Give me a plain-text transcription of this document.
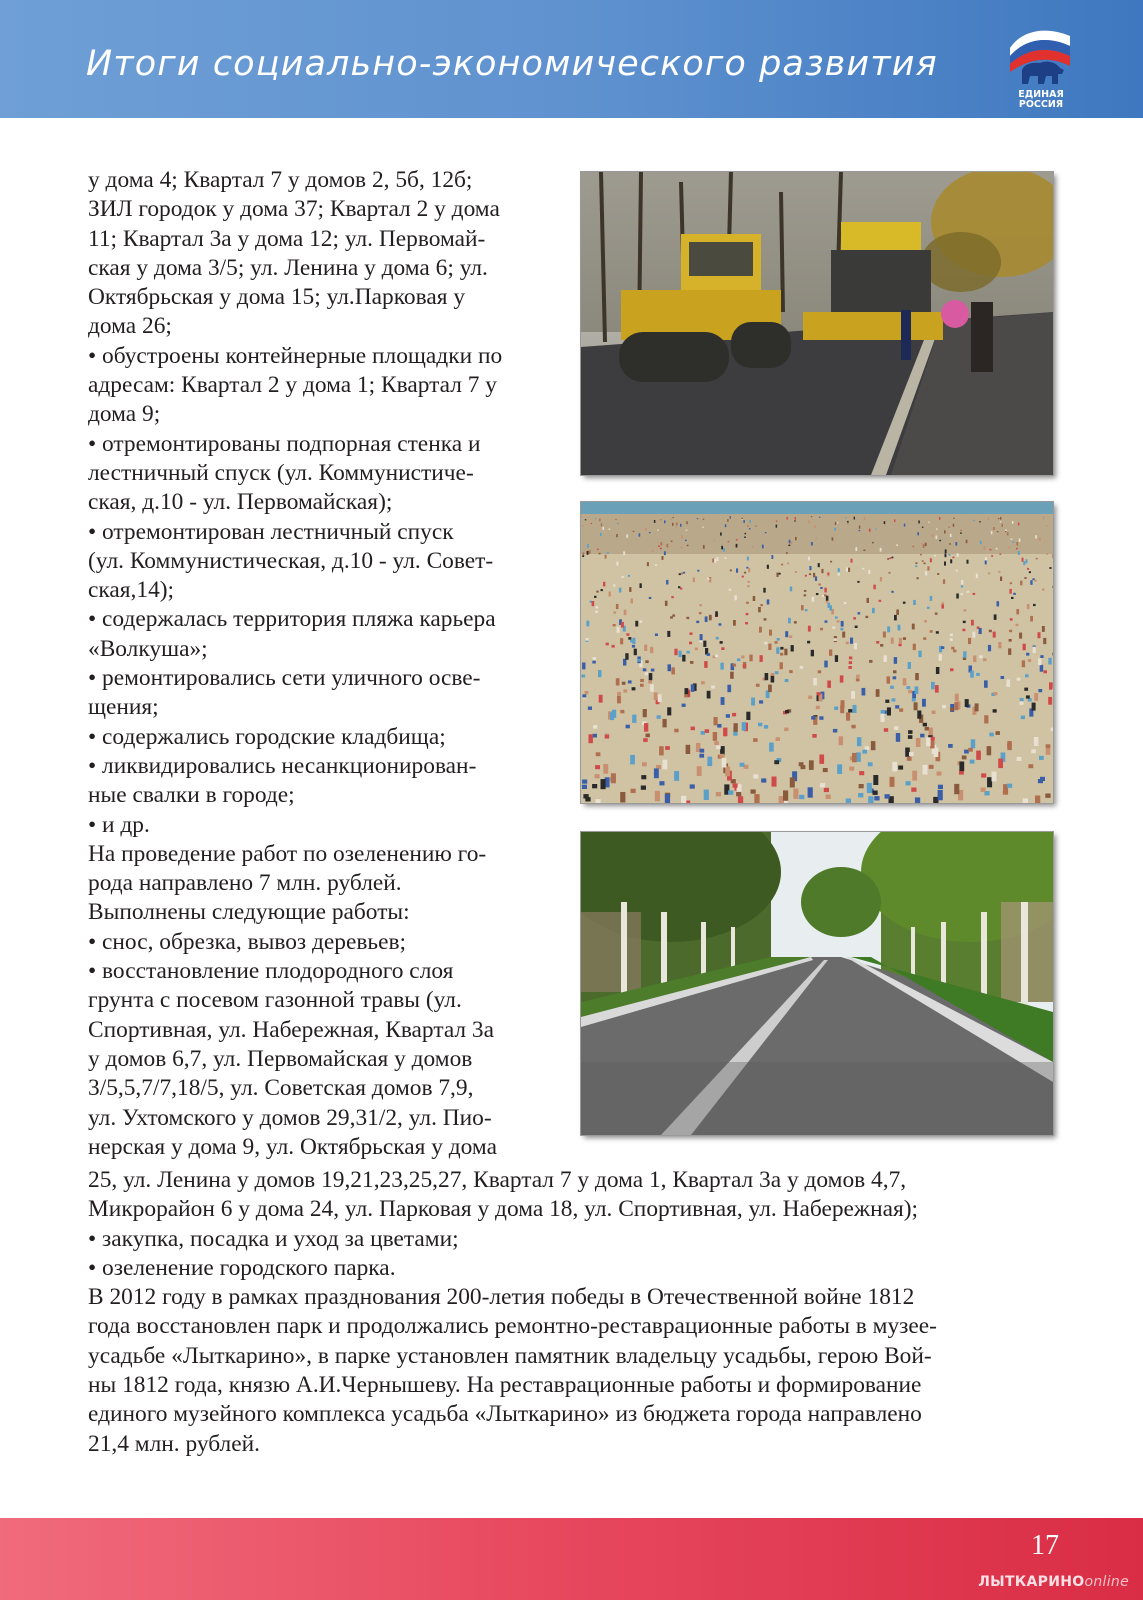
Итоги социально-экономического развития
ЕДИНАЯ
РОССИЯ

у дома 4; Квартал 7 у домов 2, 5б, 12б;

ЗИЛ городок у дома 37; Квартал 2 у дома

11; Квартал 3а у дома 12; ул. Первомай-

ская у дома 3/5; ул. Ленина у дома 6; ул.

Октябрьская у дома 15; ул.Парковая у

дома 26;

• обустроены контейнерные площадки по

адресам: Квартал 2 у дома 1; Квартал 7 у

дома 9;

• отремонтированы подпорная стенка и

лестничный спуск (ул. Коммунистиче-

ская, д.10 - ул. Первомайская);

• отремонтирован лестничный спуск

(ул. Коммунистическая, д.10 - ул. Совет-

ская,14);

• содержалась территория пляжа карьера

«Волкуша»;

• ремонтировались сети уличного осве-

щения;

• содержались городские кладбища;

• ликвидировались несанкционирован-

ные свалки в городе;

• и др.

На проведение работ по озеленению го-

рода направлено 7 млн. рублей.

Выполнены следующие работы:

• снос, обрезка, вывоз деревьев;

• восстановление плодородного слоя

грунта с посевом газонной травы (ул.

Спортивная, ул. Набережная, Квартал 3а

у домов 6,7, ул. Первомайская у домов

3/5,5,7/7,18/5, ул. Советская домов 7,9,

ул. Ухтомского у домов 29,31/2, ул. Пио-

нерская у дома 9, ул. Октябрьская у дома

25, ул. Ленина у домов 19,21,23,25,27, Квартал 7 у дома 1, Квартал 3а у домов 4,7,

Микрорайон 6 у дома 24, ул. Парковая у дома 18, ул. Спортивная, ул. Набережная);

• закупка, посадка и уход за цветами;

• озеленение городского парка.

В 2012 году в рамках празднования 200-летия победы в Отечественной войне 1812

года восстановлен парк и продолжались ремонтно-реставрационные работы в музее-

усадьбе «Лыткарино», в парке установлен памятник владельцу усадьбы, герою Вой-

ны 1812 года, князю А.И.Чернышеву. На реставрационные работы и формирование

единого музейного комплекса усадьба «Лыткарино» из бюджета города направлено

21,4 млн. рублей.

17
ЛЫТКАРИНОonline
